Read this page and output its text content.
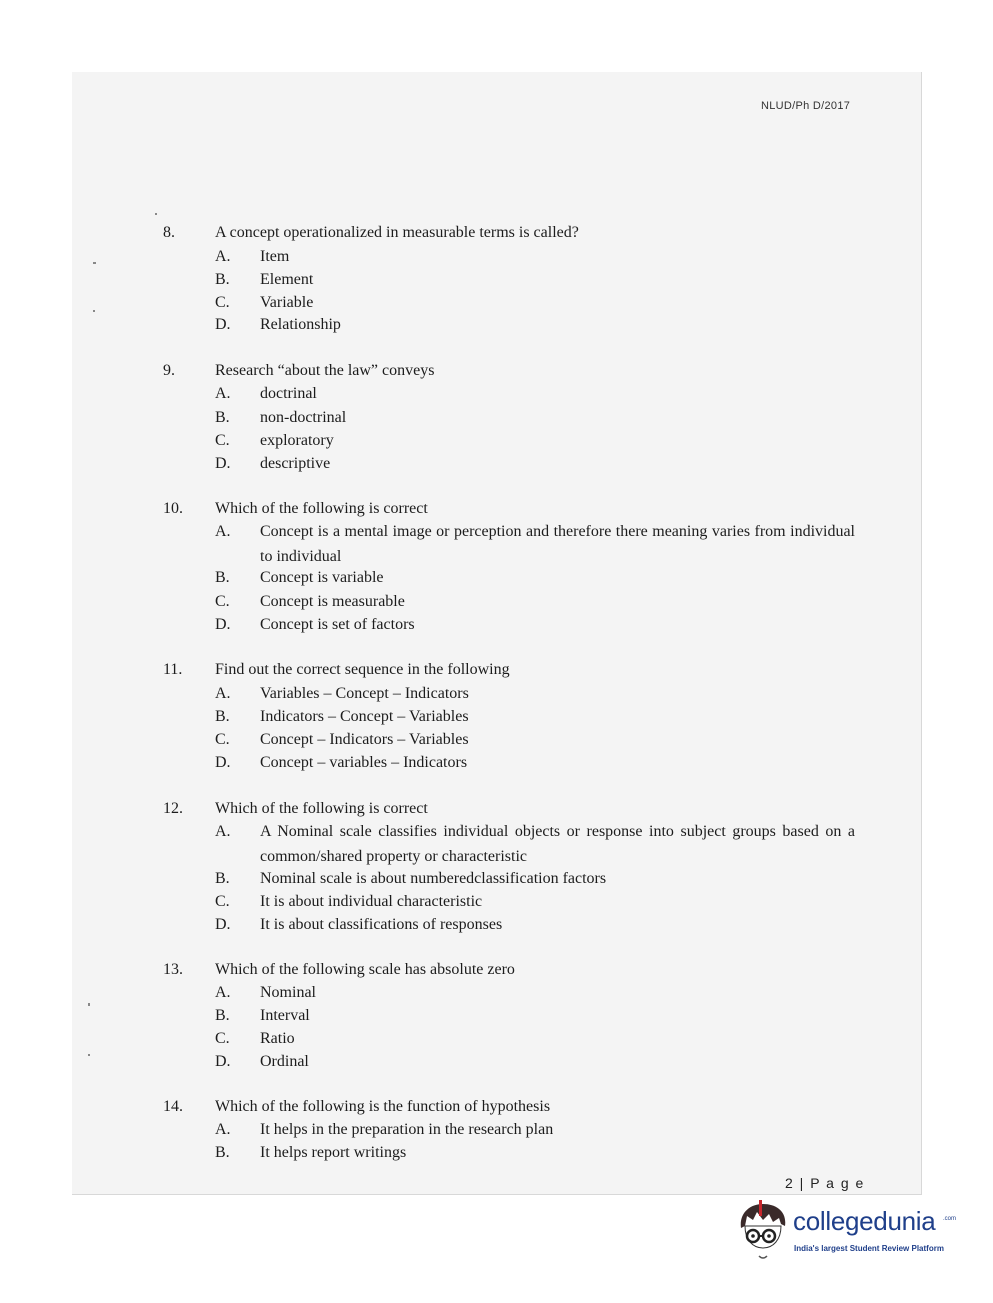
NLUD/Ph D/2017
8.	A concept operationalized in measurable terms is called?
A. Item
B. Element
C. Variable
D. Relationship
9.	Research “about the law” conveys
A. doctrinal
B. non-doctrinal
C. exploratory
D. descriptive
10. Which of the following is correct
A. Concept is a mental image or perception and therefore there meaning varies from individual to individual
B. Concept is variable
C. Concept is measurable
D. Concept is set of factors
11. Find out the correct sequence in the following
A. Variables – Concept – Indicators
B. Indicators – Concept – Variables
C. Concept – Indicators – Variables
D. Concept – variables – Indicators
12. Which of the following is correct
A. A Nominal scale classifies individual objects or response into subject groups based on a common/shared property or characteristic
B. Nominal scale is about numberedclassification factors
C. It is about individual characteristic
D. It is about classifications of responses
13. Which of the following scale has absolute zero
A. Nominal
B. Interval
C. Ratio
D. Ordinal
14. Which of the following is the function of hypothesis
A. It helps in the preparation in the research plan
B. It helps report writings
2 | P a g e
collegedunia .com
India's largest Student Review Platform
